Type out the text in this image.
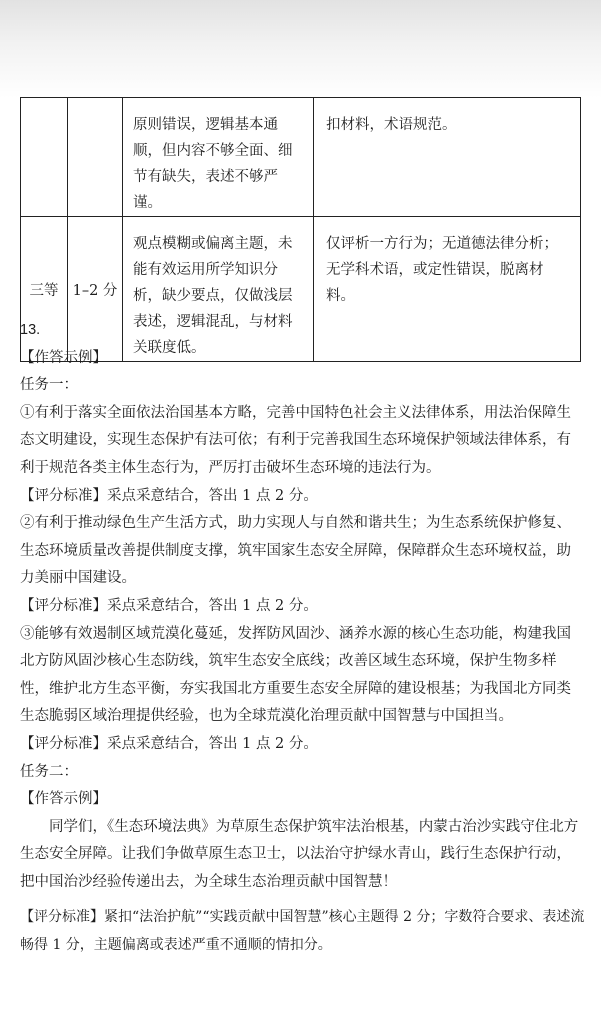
		原则错误，逻辑基本通顺，但内容不够全面、细节有缺失，表述不够严谨。	扣材料，术语规范。

三等	1–2 分	观点模糊或偏离主题，未能有效运用所学知识分析，缺少要点，仅做浅层表述，逻辑混乱，与材料关联度低。	仅评析一方行为；无道德法律分析；无学科术语，或定性错误，脱离材料。

13.

【作答示例】

任务一：

①有利于落实全面依法治国基本方略，完善中国特色社会主义法律体系，用法治保障生态文明建设，实现生态保护有法可依；有利于完善我国生态环境保护领域法律体系，有利于规范各类主体生态行为，严厉打击破坏生态环境的违法行为。

【评分标准】采点采意结合，答出 1 点 2 分。

②有利于推动绿色生产生活方式，助力实现人与自然和谐共生；为生态系统保护修复、生态环境质量改善提供制度支撑，筑牢国家生态安全屏障，保障群众生态环境权益，助力美丽中国建设。

【评分标准】采点采意结合，答出 1 点 2 分。

③能够有效遏制区域荒漠化蔓延，发挥防风固沙、涵养水源的核心生态功能，构建我国北方防风固沙核心生态防线，筑牢生态安全底线；改善区域生态环境，保护生物多样性，维护北方生态平衡，夯实我国北方重要生态安全屏障的建设根基；为我国北方同类生态脆弱区域治理提供经验，也为全球荒漠化治理贡献中国智慧与中国担当。

【评分标准】采点采意结合，答出 1 点 2 分。

任务二：

【作答示例】

同学们，《生态环境法典》为草原生态保护筑牢法治根基，内蒙古治沙实践守住北方生态安全屏障。让我们争做草原生态卫士，以法治守护绿水青山，践行生态保护行动，把中国治沙经验传递出去，为全球生态治理贡献中国智慧！

【评分标准】紧扣“法治护航”“实践贡献中国智慧”核心主题得 2 分；字数符合要求、表述流畅得 1 分，主题偏离或表述严重不通顺的情扣分。
